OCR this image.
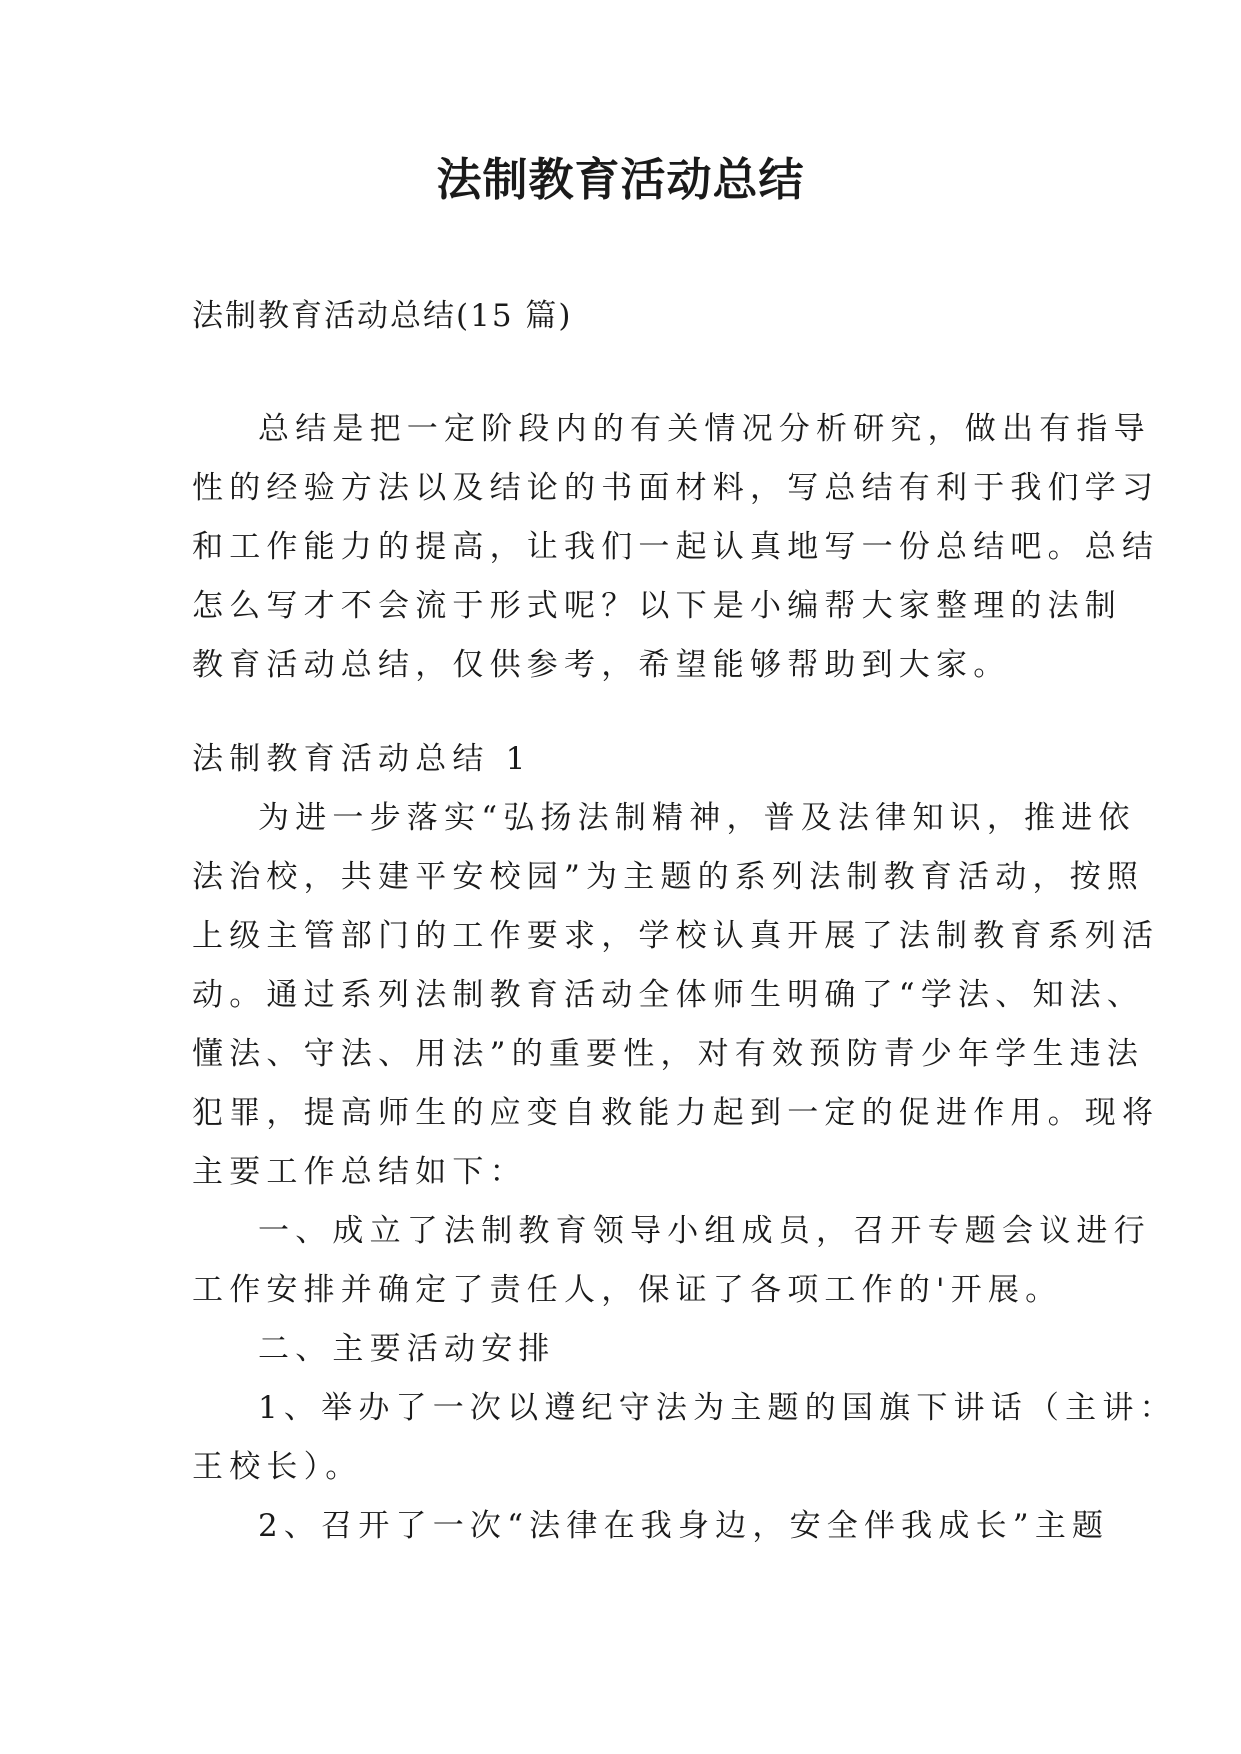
法制教育活动总结

法制教育活动总结(15 篇)

总结是把一定阶段内的有关情况分析研究，做出有指导
性的经验方法以及结论的书面材料，写总结有利于我们学习
和工作能力的提高，让我们一起认真地写一份总结吧。总结
怎么写才不会流于形式呢？以下是小编帮大家整理的法制
教育活动总结，仅供参考，希望能够帮助到大家。
法制教育活动总结 1
为进一步落实“弘扬法制精神，普及法律知识，推进依
法治校，共建平安校园”为主题的系列法制教育活动，按照
上级主管部门的工作要求，学校认真开展了法制教育系列活
动。通过系列法制教育活动全体师生明确了“学法、知法、
懂法、守法、用法”的重要性，对有效预防青少年学生违法
犯罪，提高师生的应变自救能力起到一定的促进作用。现将
主要工作总结如下：
一、成立了法制教育领导小组成员，召开专题会议进行
工作安排并确定了责任人，保证了各项工作的'开展。
二、主要活动安排
1、举办了一次以遵纪守法为主题的国旗下讲话（主讲：
王校长）。
2、召开了一次“法律在我身边，安全伴我成长”主题
